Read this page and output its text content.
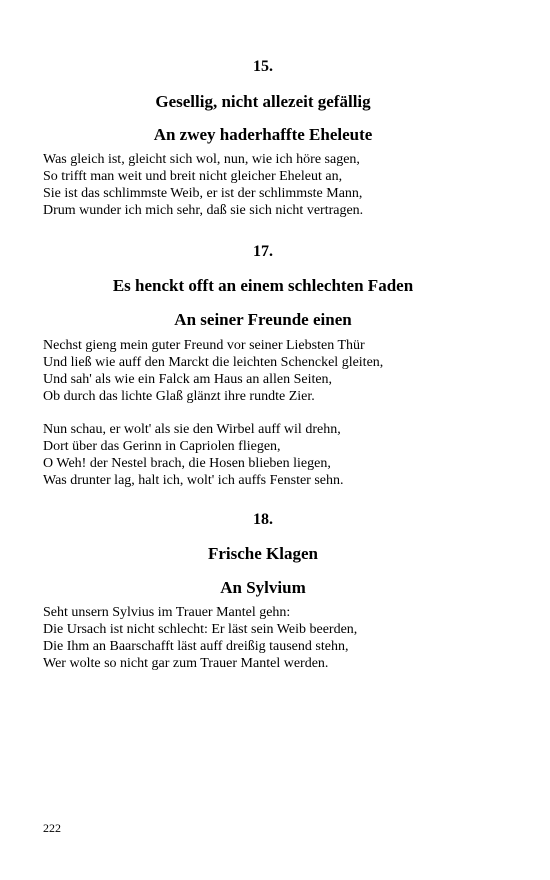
15.
Gesellig, nicht allezeit gefällig
An zwey haderhaffte Eheleute
Was gleich ist, gleicht sich wol, nun, wie ich höre sagen,
So trifft man weit und breit nicht gleicher Eheleut an,
Sie ist das schlimmste Weib, er ist der schlimmste Mann,
Drum wunder ich mich sehr, daß sie sich nicht vertragen.
17.
Es henckt offt an einem schlechten Faden
An seiner Freunde einen
Nechst gieng mein guter Freund vor seiner Liebsten Thür
Und ließ wie auff den Marckt die leichten Schenckel gleiten,
Und sah' als wie ein Falck am Haus an allen Seiten,
Ob durch das lichte Glaß glänzt ihre rundte Zier.
Nun schau, er wolt' als sie den Wirbel auff wil drehn,
Dort über das Gerinn in Capriolen fliegen,
O Weh! der Nestel brach, die Hosen blieben liegen,
Was drunter lag, halt ich, wolt' ich auffs Fenster sehn.
18.
Frische Klagen
An Sylvium
Seht unsern Sylvius im Trauer Mantel gehn:
Die Ursach ist nicht schlecht: Er läst sein Weib beerden,
Die Ihm an Baarschafft läst auff dreißig tausend stehn,
Wer wolte so nicht gar zum Trauer Mantel werden.
222
